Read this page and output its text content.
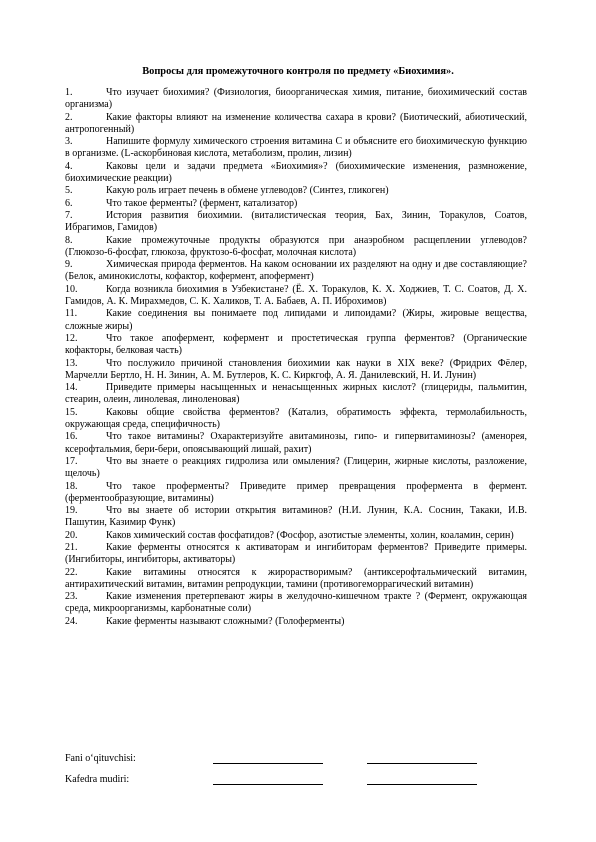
Вопросы для промежуточного контроля по предмету «Биохимия».

1.	Что изучает биохимия? (Физиология, биоорганическая химия, питание, биохимический состав организма)

2.	Какие факторы влияют на изменение количества сахара в крови? (Биотический, абиотический, антропогенный)

3.	Напишите формулу химического строения витамина С и объясните его биохимическую функцию в организме. (L-аскорбиновая кислота, метаболизм, пролин, лизин)

4.	Каковы цели и задачи предмета «Биохимия»? (биохимические изменения, размножение, биохимические реакции)

5.	Какую роль играет печень в обмене углеводов? (Синтез, гликоген)

6.	Что такое ферменты? (фермент, катализатор)

7.	История развития биохимии. (виталистическая теория, Бах, Зинин, Торакулов, Соатов, Ибрагимов, Гамидов)

8.	Какие промежуточные продукты образуются при анаэробном расщеплении углеводов? (Глюкозо-6-фосфат, глюкоза, фруктозо-6-фосфат, молочная кислота)

9.	Химическая природа ферментов. На каком основании их разделяют на одну и две составляющие? (Белок, аминокислоты, кофактор, кофермент, апофермент)

10.	Когда возникла биохимия в Узбекистане? (Ё. Х. Торакулов, К. Х. Ходжиев, Т. С. Соатов, Д. Х. Гамидов, А. К. Мирахмедов, С. К. Халиков, Т. А. Бабаев, А. П. Иброхимов)

11.	Какие соединения вы понимаете под липидами и липоидами? (Жиры, жировые вещества, сложные жиры)

12.	Что такое апофермент, кофермент и простетическая группа ферментов? (Органические кофакторы, белковая часть)

13.	Что послужило причиной становления биохимии как науки в XIX веке? (Фридрих Фёлер, Марчелли Бертло, Н. Н. Зинин, А. М. Бутлеров, К. С. Киркгоф, А. Я. Данилевский, Н. И. Лунин)

14.	Приведите примеры насыщенных и ненасыщенных жирных кислот? (глицериды, пальмитин, стеарин, олеин, линолевая, линоленовая)

15.	Каковы общие свойства ферментов? (Катализ, обратимость эффекта, термолабильность, окружающая среда, специфичность)

16.	Что такое витамины? Охарактеризуйте авитаминозы, гипо- и гипервитаминозы? (аменорея, ксерофтальмия, бери-бери, опоясывающий лишай, рахит)

17.	Что вы знаете о реакциях гидролиза или омыления? (Глицерин, жирные кислоты, разложение, щелочь)

18.	Что такое проферменты? Приведите пример превращения профермента в фермент. (ферментообразующие, витамины)

19.	Что вы знаете об истории открытия витаминов? (Н.И. Лунин, К.А. Соснин, Такаки, И.В. Пашутин, Казимир Функ)

20.	Каков химический состав фосфатидов? (Фосфор, азотистые элементы, холин, коаламин, серин)

21.	Какие ферменты относятся к активаторам и ингибиторам ферментов? Приведите примеры. (Ингибиторы, ингибиторы, активаторы)

22.	Какие витамины относятся к жирорастворимым? (антиксерофтальмический витамин, антирахитический витамин, витамин репродукции, тамини (противогеморрагический витамин)

23.	Какие изменения претерпевают жиры в желудочно-кишечном тракте ? (Фермент, окружающая среда, микроорганизмы, карбонатные соли)

24.	Какие ферменты называют сложными? (Голоферменты)

Fani o‘qituvchisi:
Kafedra mudiri:
